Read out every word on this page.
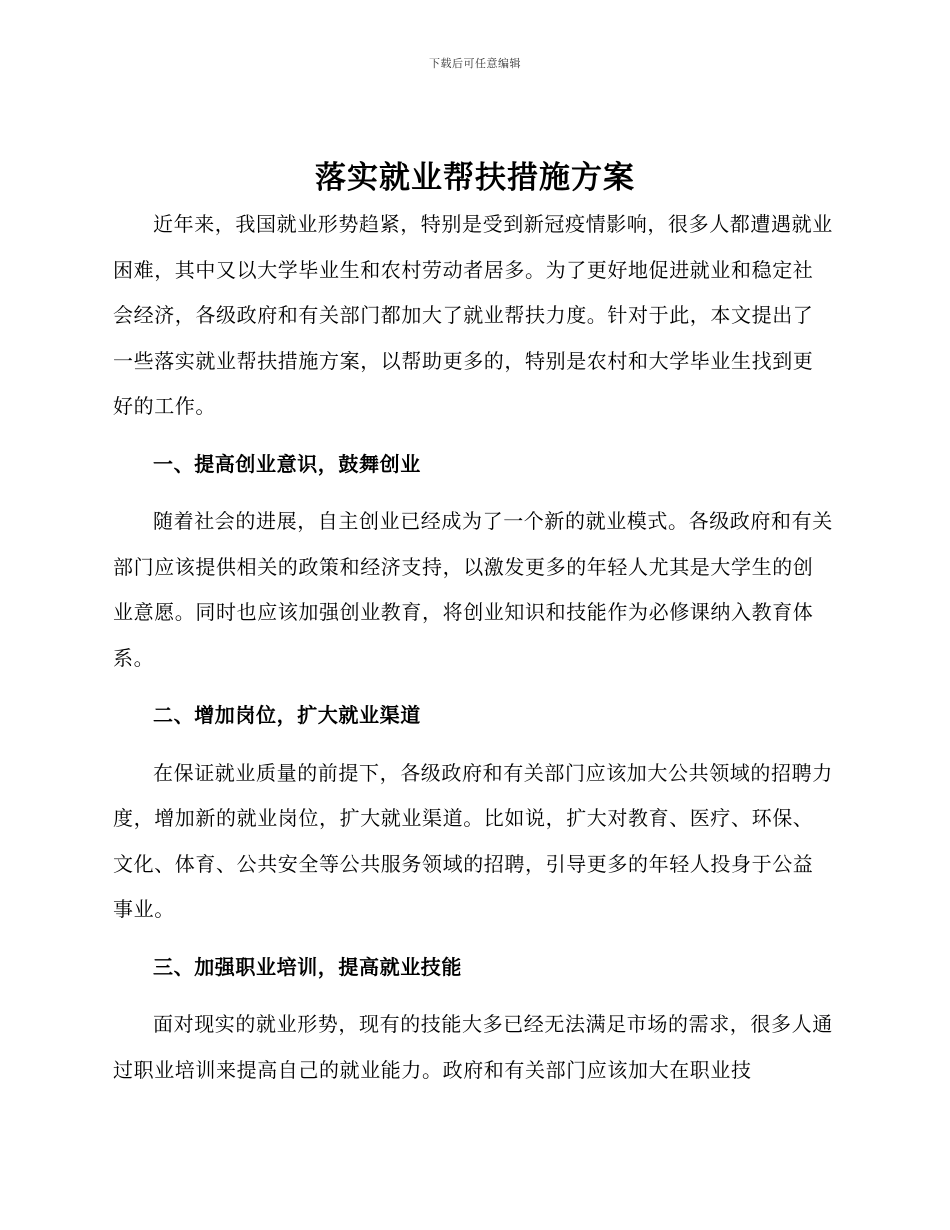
下载后可任意编辑
落实就业帮扶措施方案

近年来，我国就业形势趋紧，特别是受到新冠疫情影响，很多人都遭遇就业困难，其中又以大学毕业生和农村劳动者居多。为了更好地促进就业和稳定社会经济，各级政府和有关部门都加大了就业帮扶力度。针对于此，本文提出了一些落实就业帮扶措施方案，以帮助更多的，特别是农村和大学毕业生找到更好的工作。

一、提高创业意识，鼓舞创业

随着社会的进展，自主创业已经成为了一个新的就业模式。各级政府和有关部门应该提供相关的政策和经济支持，以激发更多的年轻人尤其是大学生的创业意愿。同时也应该加强创业教育，将创业知识和技能作为必修课纳入教育体系。

二、增加岗位，扩大就业渠道

在保证就业质量的前提下，各级政府和有关部门应该加大公共领域的招聘力度，增加新的就业岗位，扩大就业渠道。比如说，扩大对教育、医疗、环保、文化、体育、公共安全等公共服务领域的招聘，引导更多的年轻人投身于公益事业。

三、加强职业培训，提高就业技能

面对现实的就业形势，现有的技能大多已经无法满足市场的需求，很多人通过职业培训来提高自己的就业能力。政府和有关部门应该加大在职业技
